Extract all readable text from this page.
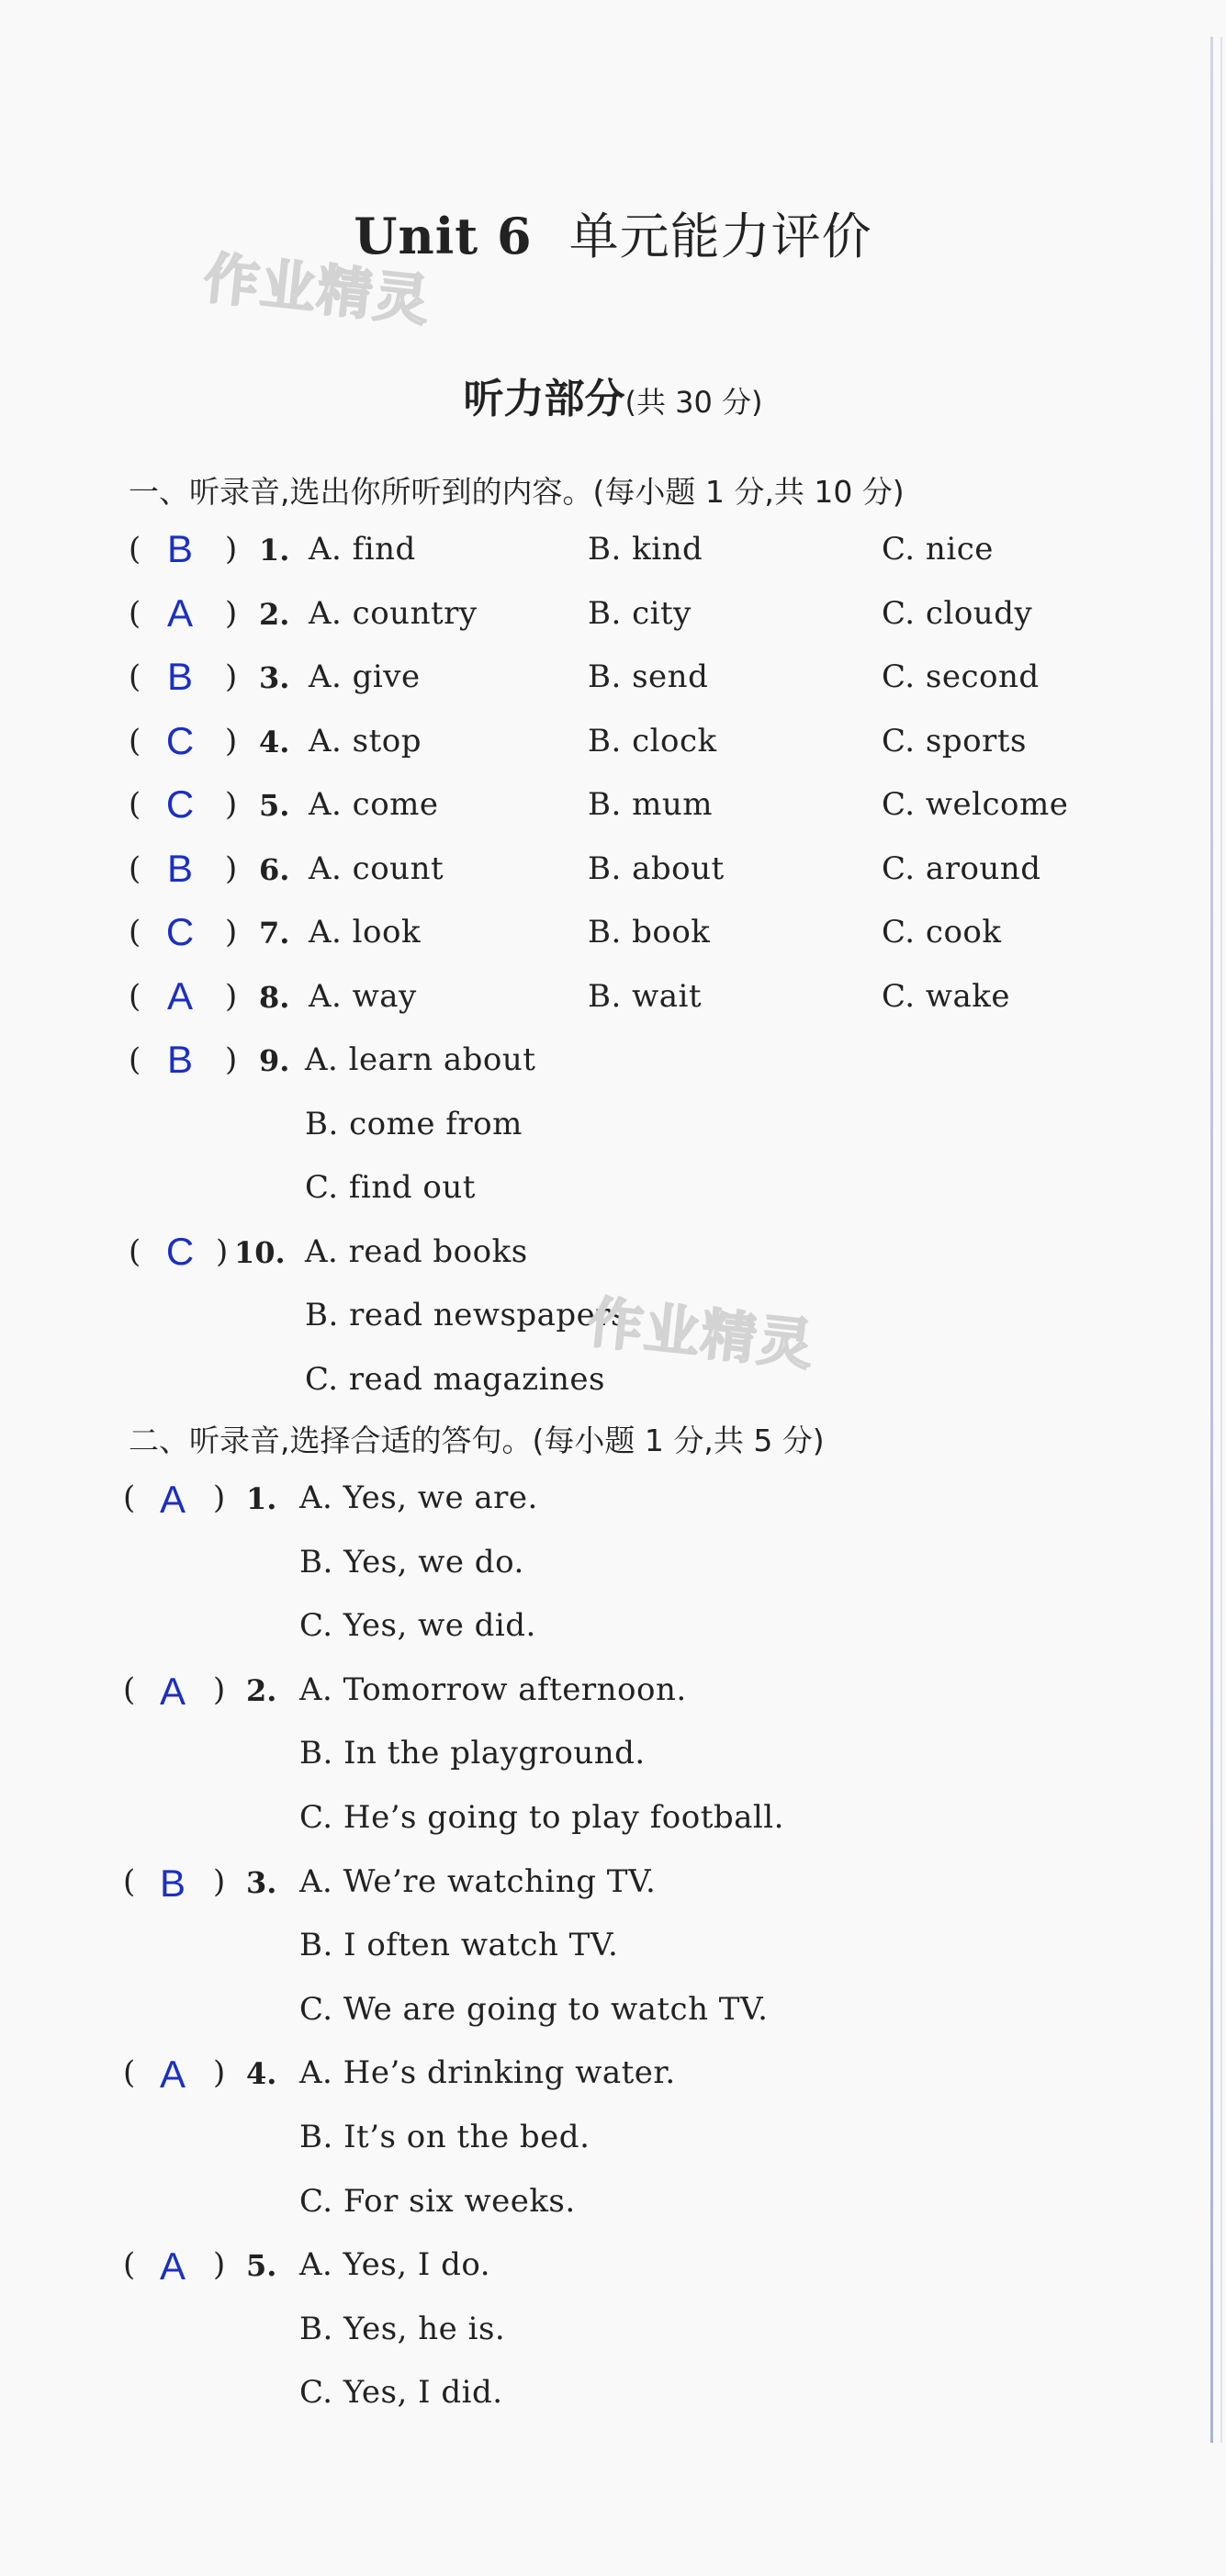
Unit 6 单元能力评价
作业精灵
听力部分(共 30 分)
一、听录音,选出你所听到的内容。(每小题 1 分,共 10 分)
( B	) 1. A. find	B. kind	C. nice
( A	) 2. A. country	B. city	C. cloudy
( B	) 3. A. give	B. send	C. second
( C ) 4. A. stop	B. clock	C. sports
( C ) 5. A. come	B. mum	C. welcome
( B	) 6. A. count	B. about	C. around
( C ) 7. A. look	B. book	C. cook
( A	) 8. A. way	B. wait	C. wake
( B	) 9. A. learn about
B. come from
C. find out
( C ) 10. A. read books
B. read newspapers
C. read magazines
作业精灵
二、听录音,选择合适的答句。(每小题 1 分,共 5 分)
( A ) 1. A. Yes, we are.
B. Yes, we do.
C. Yes, we did.
( A ) 2. A. Tomorrow afternoon.
B. In the playground.
C. He’s going to play football.
( B ) 3. A. We’re watching TV.
B. I often watch TV.
C. We are going to watch TV.
( A ) 4. A. He’s drinking water.
B. It’s on the bed.
C. For six weeks.
( A ) 5. A. Yes, I do.
B. Yes, he is.
C. Yes, I did.
